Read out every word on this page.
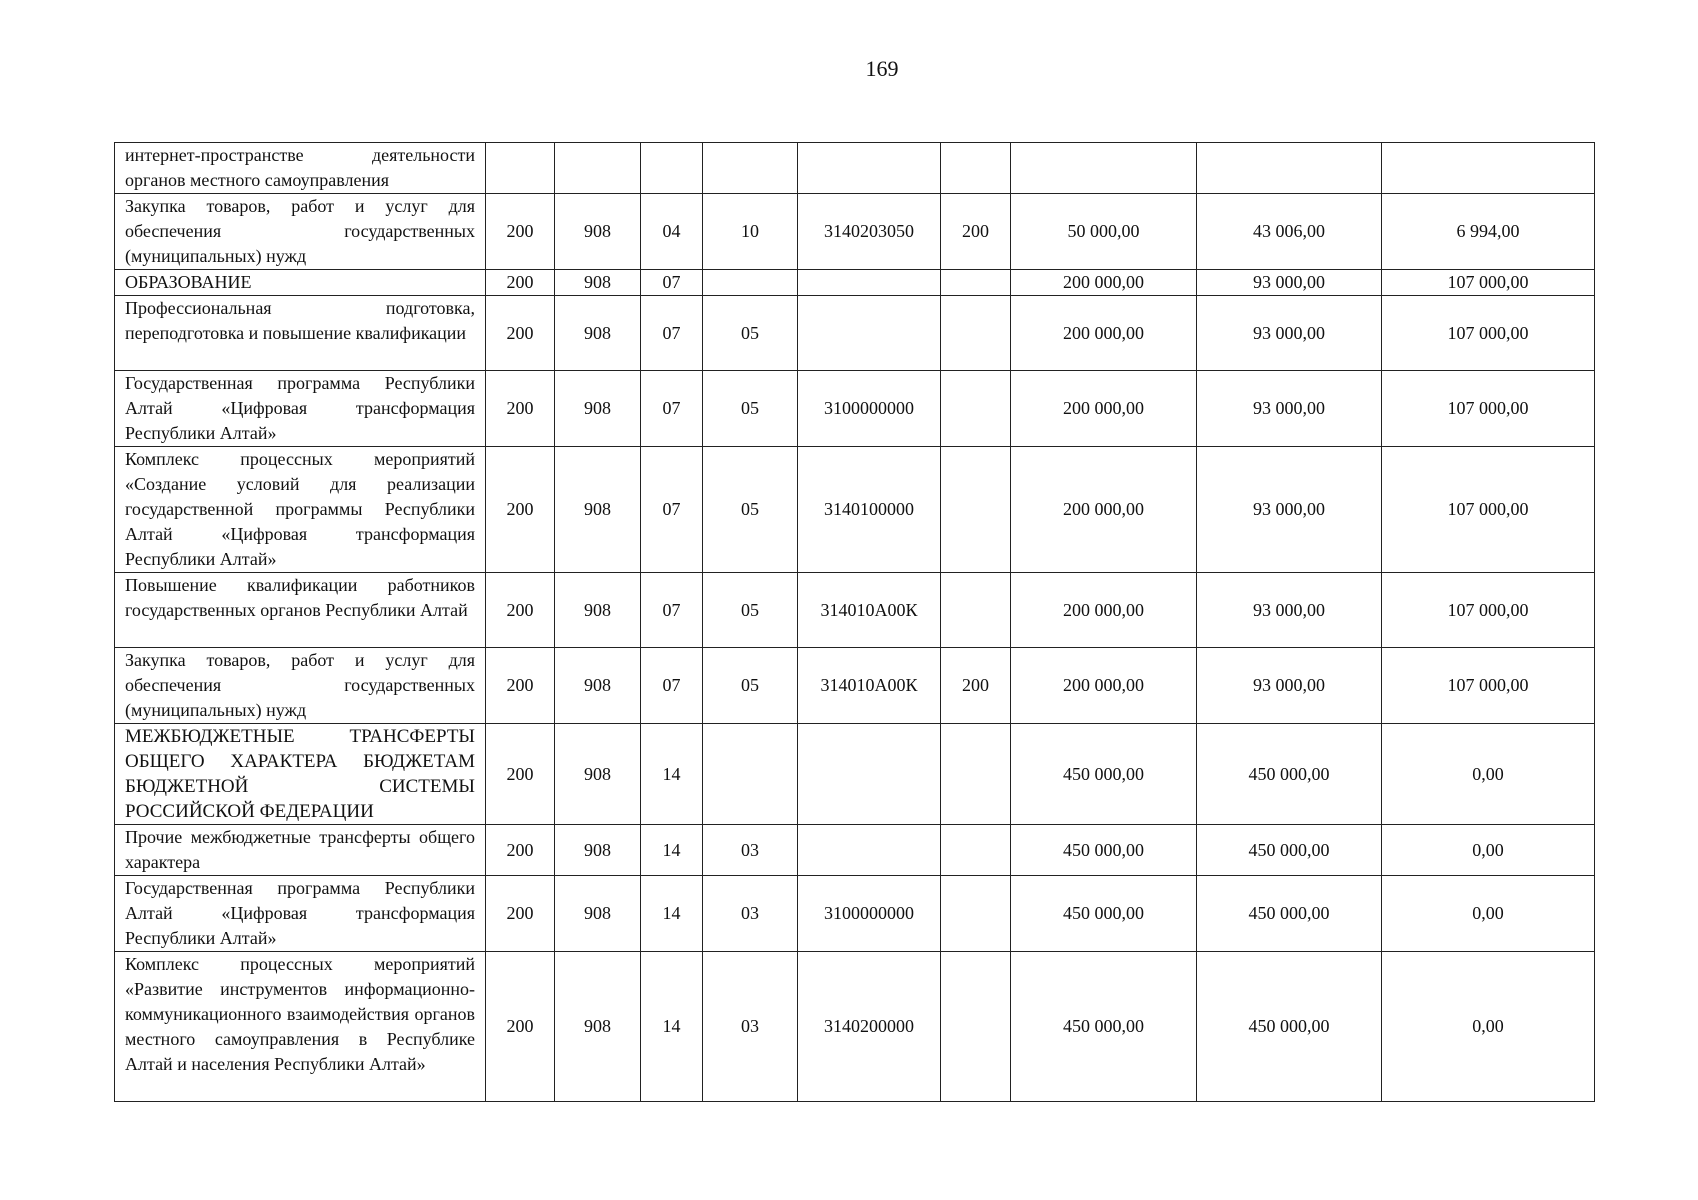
169
интернет-пространстве деятельности органов местного самоуправления									
Закупка товаров, работ и услуг для обеспечения государственных (муниципальных) нужд	200	908	04	10	3140203050	200	50 000,00	43 006,00	6 994,00
ОБРАЗОВАНИЕ	200	908	07				200 000,00	93 000,00	107 000,00
Профессиональная подготовка, переподготовка и повышение квалификации	200	908	07	05			200 000,00	93 000,00	107 000,00
Государственная программа Республики Алтай «Цифровая трансформация Республики Алтай»	200	908	07	05	3100000000		200 000,00	93 000,00	107 000,00
Комплекс процессных мероприятий «Создание условий для реализации государственной программы Республики Алтай «Цифровая трансформация Республики Алтай»	200	908	07	05	3140100000		200 000,00	93 000,00	107 000,00
Повышение квалификации работников государственных органов Республики Алтай	200	908	07	05	314010А00К		200 000,00	93 000,00	107 000,00
Закупка товаров, работ и услуг для обеспечения государственных (муниципальных) нужд	200	908	07	05	314010А00К	200	200 000,00	93 000,00	107 000,00
МЕЖБЮДЖЕТНЫЕ ТРАНСФЕРТЫ ОБЩЕГО ХАРАКТЕРА БЮДЖЕТАМ БЮДЖЕТНОЙ СИСТЕМЫ РОССИЙСКОЙ ФЕДЕРАЦИИ	200	908	14				450 000,00	450 000,00	0,00
Прочие межбюджетные трансферты общего характера	200	908	14	03			450 000,00	450 000,00	0,00
Государственная программа Республики Алтай «Цифровая трансформация Республики Алтай»	200	908	14	03	3100000000		450 000,00	450 000,00	0,00
Комплекс процессных мероприятий «Развитие инструментов информационно-коммуникационного взаимодействия органов местного самоуправления в Республике Алтай и населения Республики Алтай»	200	908	14	03	3140200000		450 000,00	450 000,00	0,00
